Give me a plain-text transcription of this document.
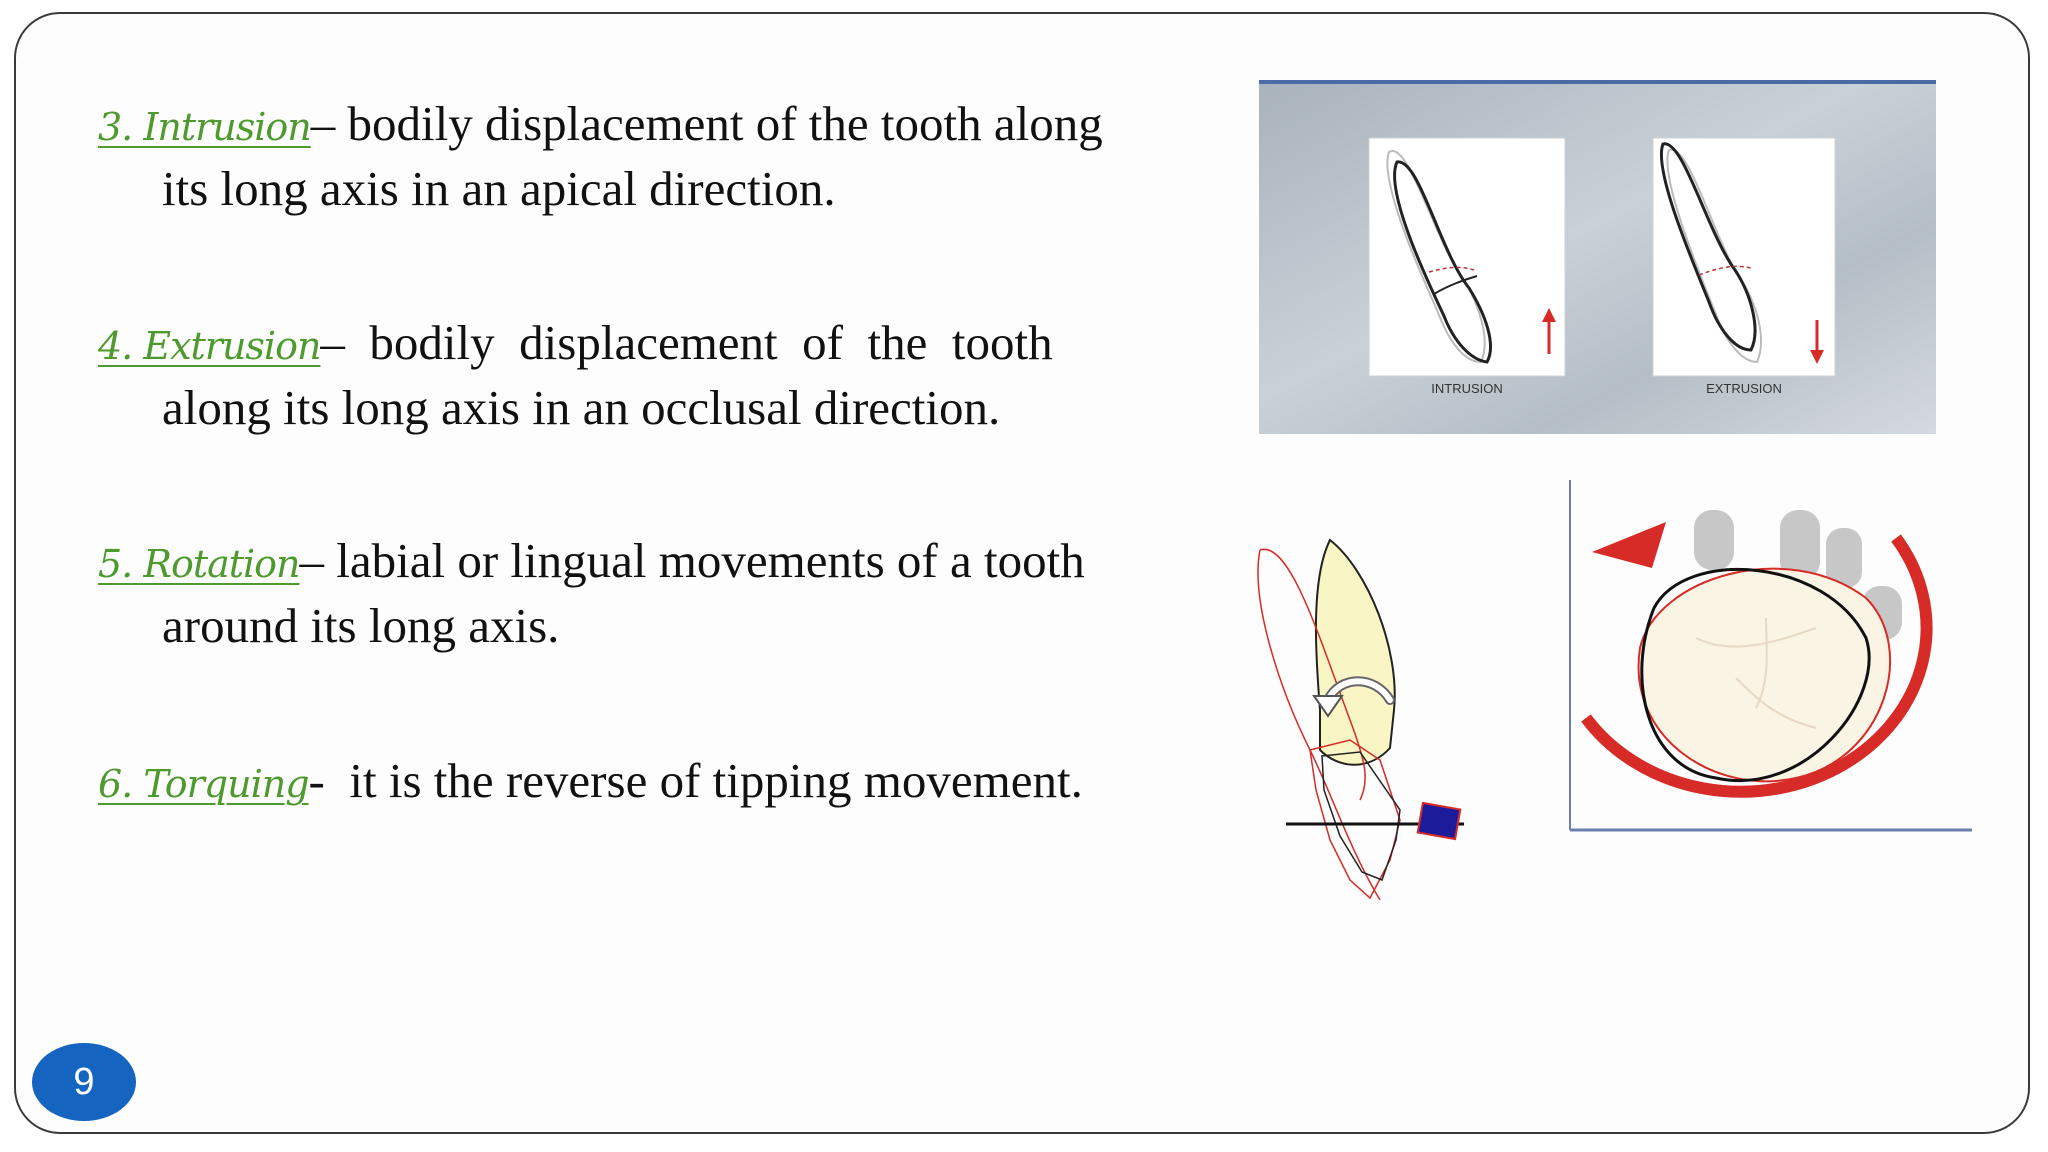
3. Intrusion– bodily displacement of the tooth along
its long axis in an apical direction.
4. Extrusion–  bodily  displacement  of  the  tooth
along its long axis in an occlusal direction.
5. Rotation– labial or lingual movements of a tooth
around its long axis.
6. Torquing-  it is the reverse of tipping movement.
INTRUSION	EXTRUSION
9
